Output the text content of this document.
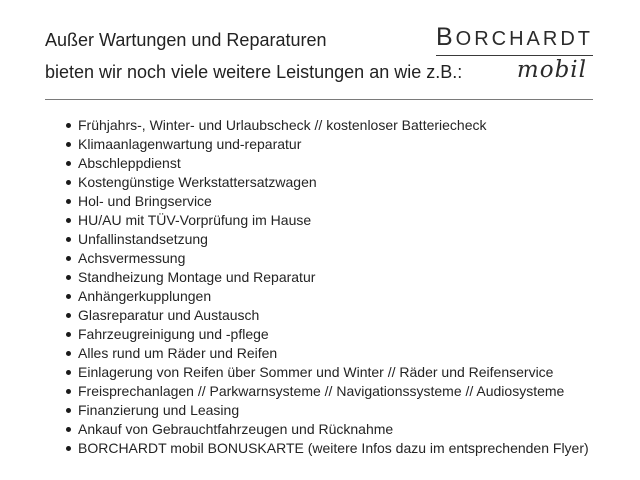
Außer Wartungen und Reparaturen
bieten wir noch viele weitere Leistungen an wie z.B.:
BORCHARDT
mobil
Frühjahrs-, Winter- und Urlaubscheck // kostenloser Batteriecheck
Klimaanlagenwartung und-reparatur
Abschleppdienst
Kostengünstige Werkstattersatzwagen
Hol- und Bringservice
HU/AU mit TÜV-Vorprüfung im Hause
Unfallinstandsetzung
Achsvermessung
Standheizung Montage und Reparatur
Anhängerkupplungen
Glasreparatur und Austausch
Fahrzeugreinigung und -pflege
Alles rund um Räder und Reifen
Einlagerung von Reifen über Sommer und Winter // Räder und Reifenservice
Freisprechanlagen // Parkwarnsysteme // Navigationssysteme // Audiosysteme
Finanzierung und Leasing
Ankauf von Gebrauchtfahrzeugen und Rücknahme
BORCHARDT mobil BONUSKARTE (weitere Infos dazu im entsprechenden Flyer)
